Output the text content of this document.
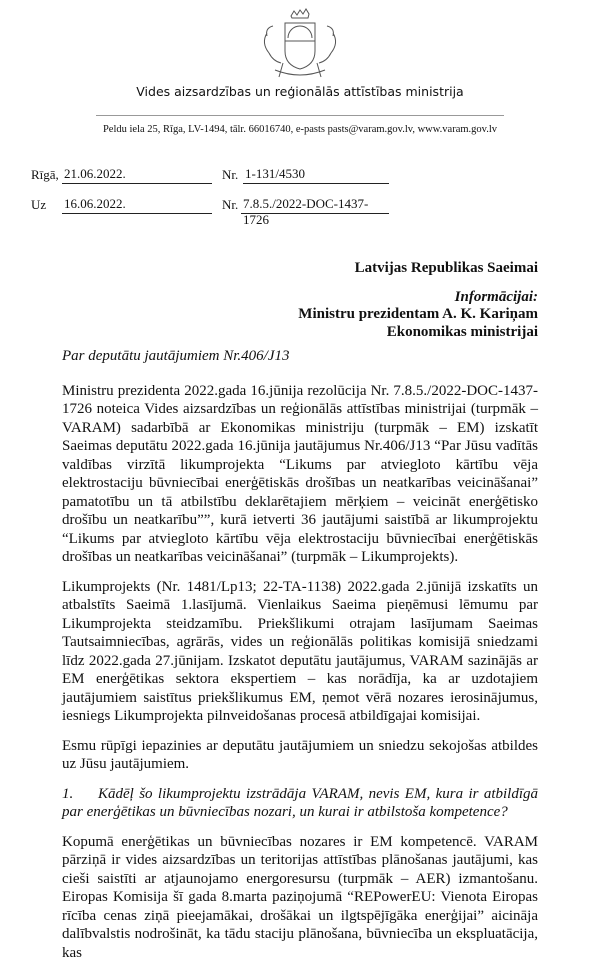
Vides aizsardzības un reģionālās attīstības ministrija
Peldu iela 25, Rīga, LV-1494, tālr. 66016740, e-pasts pasts@varam.gov.lv, www.varam.gov.lv
Rīgā, 21.06.2022.	Nr. 1-131/4530
Uz 16.06.2022.	Nr. 7.8.5./2022-DOC-1437-1726
Latvijas Republikas Saeimai
Informācijai:
Ministru prezidentam A. K. Kariņam
Ekonomikas ministrijai
Par deputātu jautājumiem Nr.406/J13

Ministru prezidenta 2022.gada 16.jūnija rezolūcija Nr. 7.8.5./2022-DOC-1437-1726 noteica Vides aizsardzības un reģionālās attīstības ministrijai (turpmāk – VARAM) sadarbībā ar Ekonomikas ministriju (turpmāk – EM) izskatīt Saeimas deputātu 2022.gada 16.jūnija jautājumus Nr.406/J13 “Par Jūsu vadītās valdības virzītā likumprojekta “Likums par atvieglotо kārtību vēja elektrostaciju būvniecībai enerģētiskās drošības un neatkarības veicināšanai” pamatotību un tā atbilstību deklarētajiem mērķiem – veicināt enerģētisko drošību un neatkarību””, kurā ietverti 36 jautājumi saistībā ar likumprojektu “Likums par atvieglotо kārtību vēja elektrostaciju būvniecībai enerģētiskās drošības un neatkarības veicināšanai” (turpmāk – Likumprojekts).

Likumprojekts (Nr. 1481/Lp13; 22-TA-1138) 2022.gada 2.jūnijā izskatīts un atbalstīts Saeimā 1.lasījumā. Vienlaikus Saeima pieņēmusi lēmumu par Likumprojekta steidzamību. Priekšlikumi otrajam lasījumam Saeimas Tautsaimniecības, agrārās, vides un reģionālās politikas komisijā sniedzami līdz 2022.gada 27.jūnijam. Izskatot deputātu jautājumus, VARAM sazinājās ar EM enerģētikas sektora ekspertiem – kas norādīja, ka ar uzdotajiem jautājumiem saistītus priekšlikumus EM, ņemot vērā nozares ierosinājumus, iesniegs Likumprojekta pilnveidošanas procesā atbildīgajai komisijai.

Esmu rūpīgi iepazinies ar deputātu jautājumiem un sniedzu sekojošas atbildes uz Jūsu jautājumiem.

1. Kādēļ šo likumprojektu izstrādāja VARAM, nevis EM, kura ir atbildīgā par enerģētikas un būvniecības nozari, un kurai ir atbilstoša kompetence?

Kopumā enerģētikas un būvniecības nozares ir EM kompetencē. VARAM pārziņā ir vides aizsardzības un teritorijas attīstības plānošanas jautājumi, kas cieši saistīti ar atjaunojamo energoresursu (turpmāk – AER) izmantošanu. Eiropas Komisija šī gada 8.marta paziņojumā “REPowerEU: Vienota Eiropas rīcība cenas ziņā pieejamākai, drošākai un ilgtspējīgāka enerģijai” aicināja dalībvalstis nodrošināt, ka tādu staciju plānošana, būvniecība un ekspluatācija, kas
